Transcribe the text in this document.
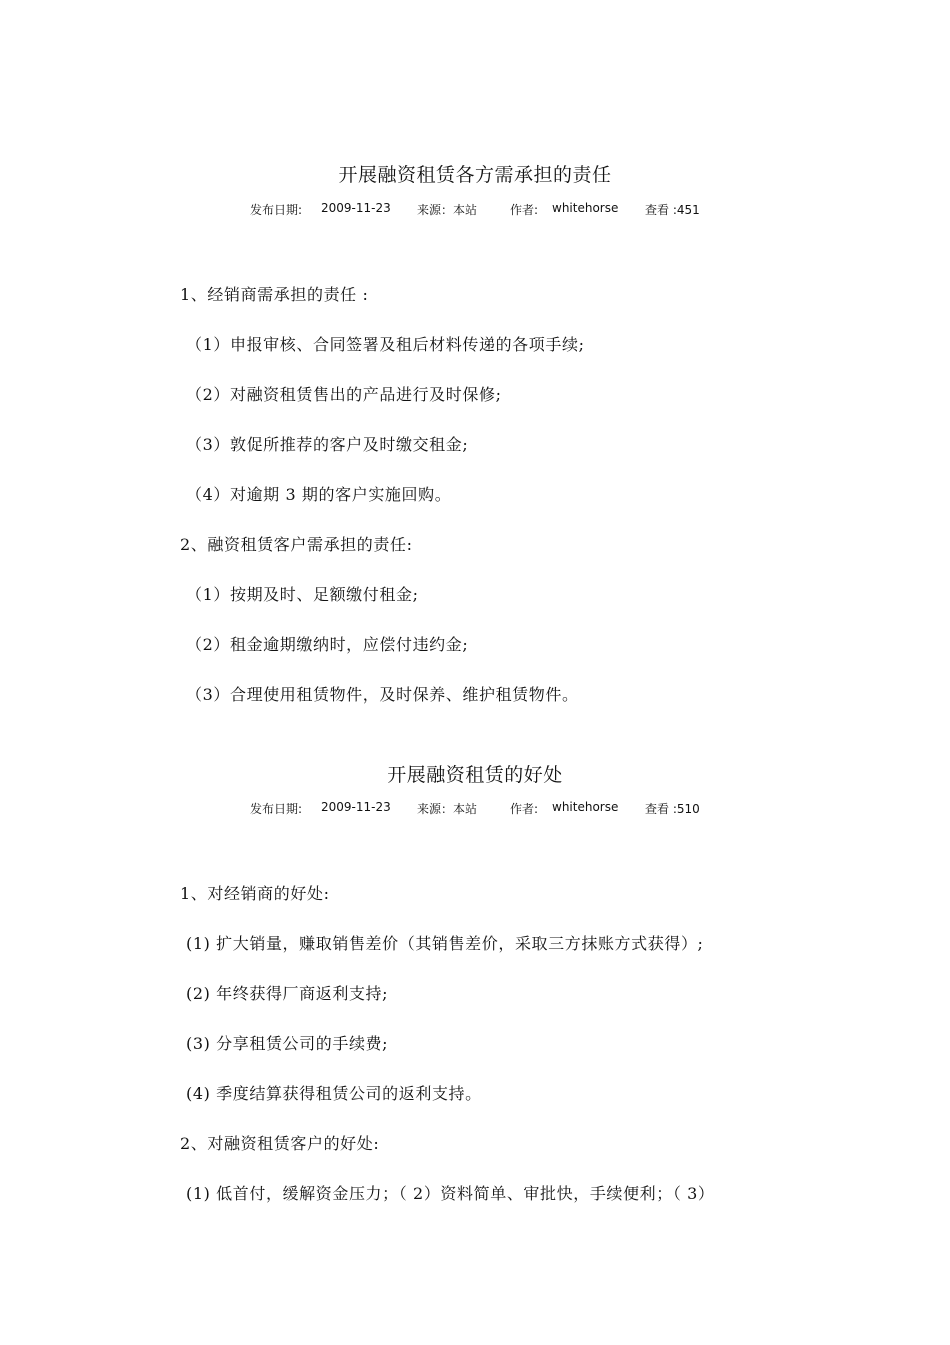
开展融资租赁各方需承担的责任
发布日期: 2009-11-23 来源：本站	作者: whitehorse 查看 :451
1、经销商需承担的责任 :
（1）申报审核、合同签署及租后材料传递的各项手续;
（2）对融资租赁售出的产品进行及时保修;
（3）敦促所推荐的客户及时缴交租金;
（4）对逾期 3 期的客户实施回购。
2、融资租赁客户需承担的责任:
（1）按期及时、足额缴付租金;
（2）租金逾期缴纳时，应偿付违约金;
（3）合理使用租赁物件，及时保养、维护租赁物件。
开展融资租赁的好处
发布日期: 2009-11-23 来源：本站	作者: whitehorse 查看 :510
1、对经销商的好处:
(1) 扩大销量，赚取销售差价（其销售差价，采取三方抹账方式获得）;
(2) 年终获得厂商返利支持;
(3) 分享租赁公司的手续费;
(4) 季度结算获得租赁公司的返利支持。
2、对融资租赁客户的好处:
(1) 低首付，缓解资金压力；（ 2）资料简单、审批快，手续便利；（ 3）
